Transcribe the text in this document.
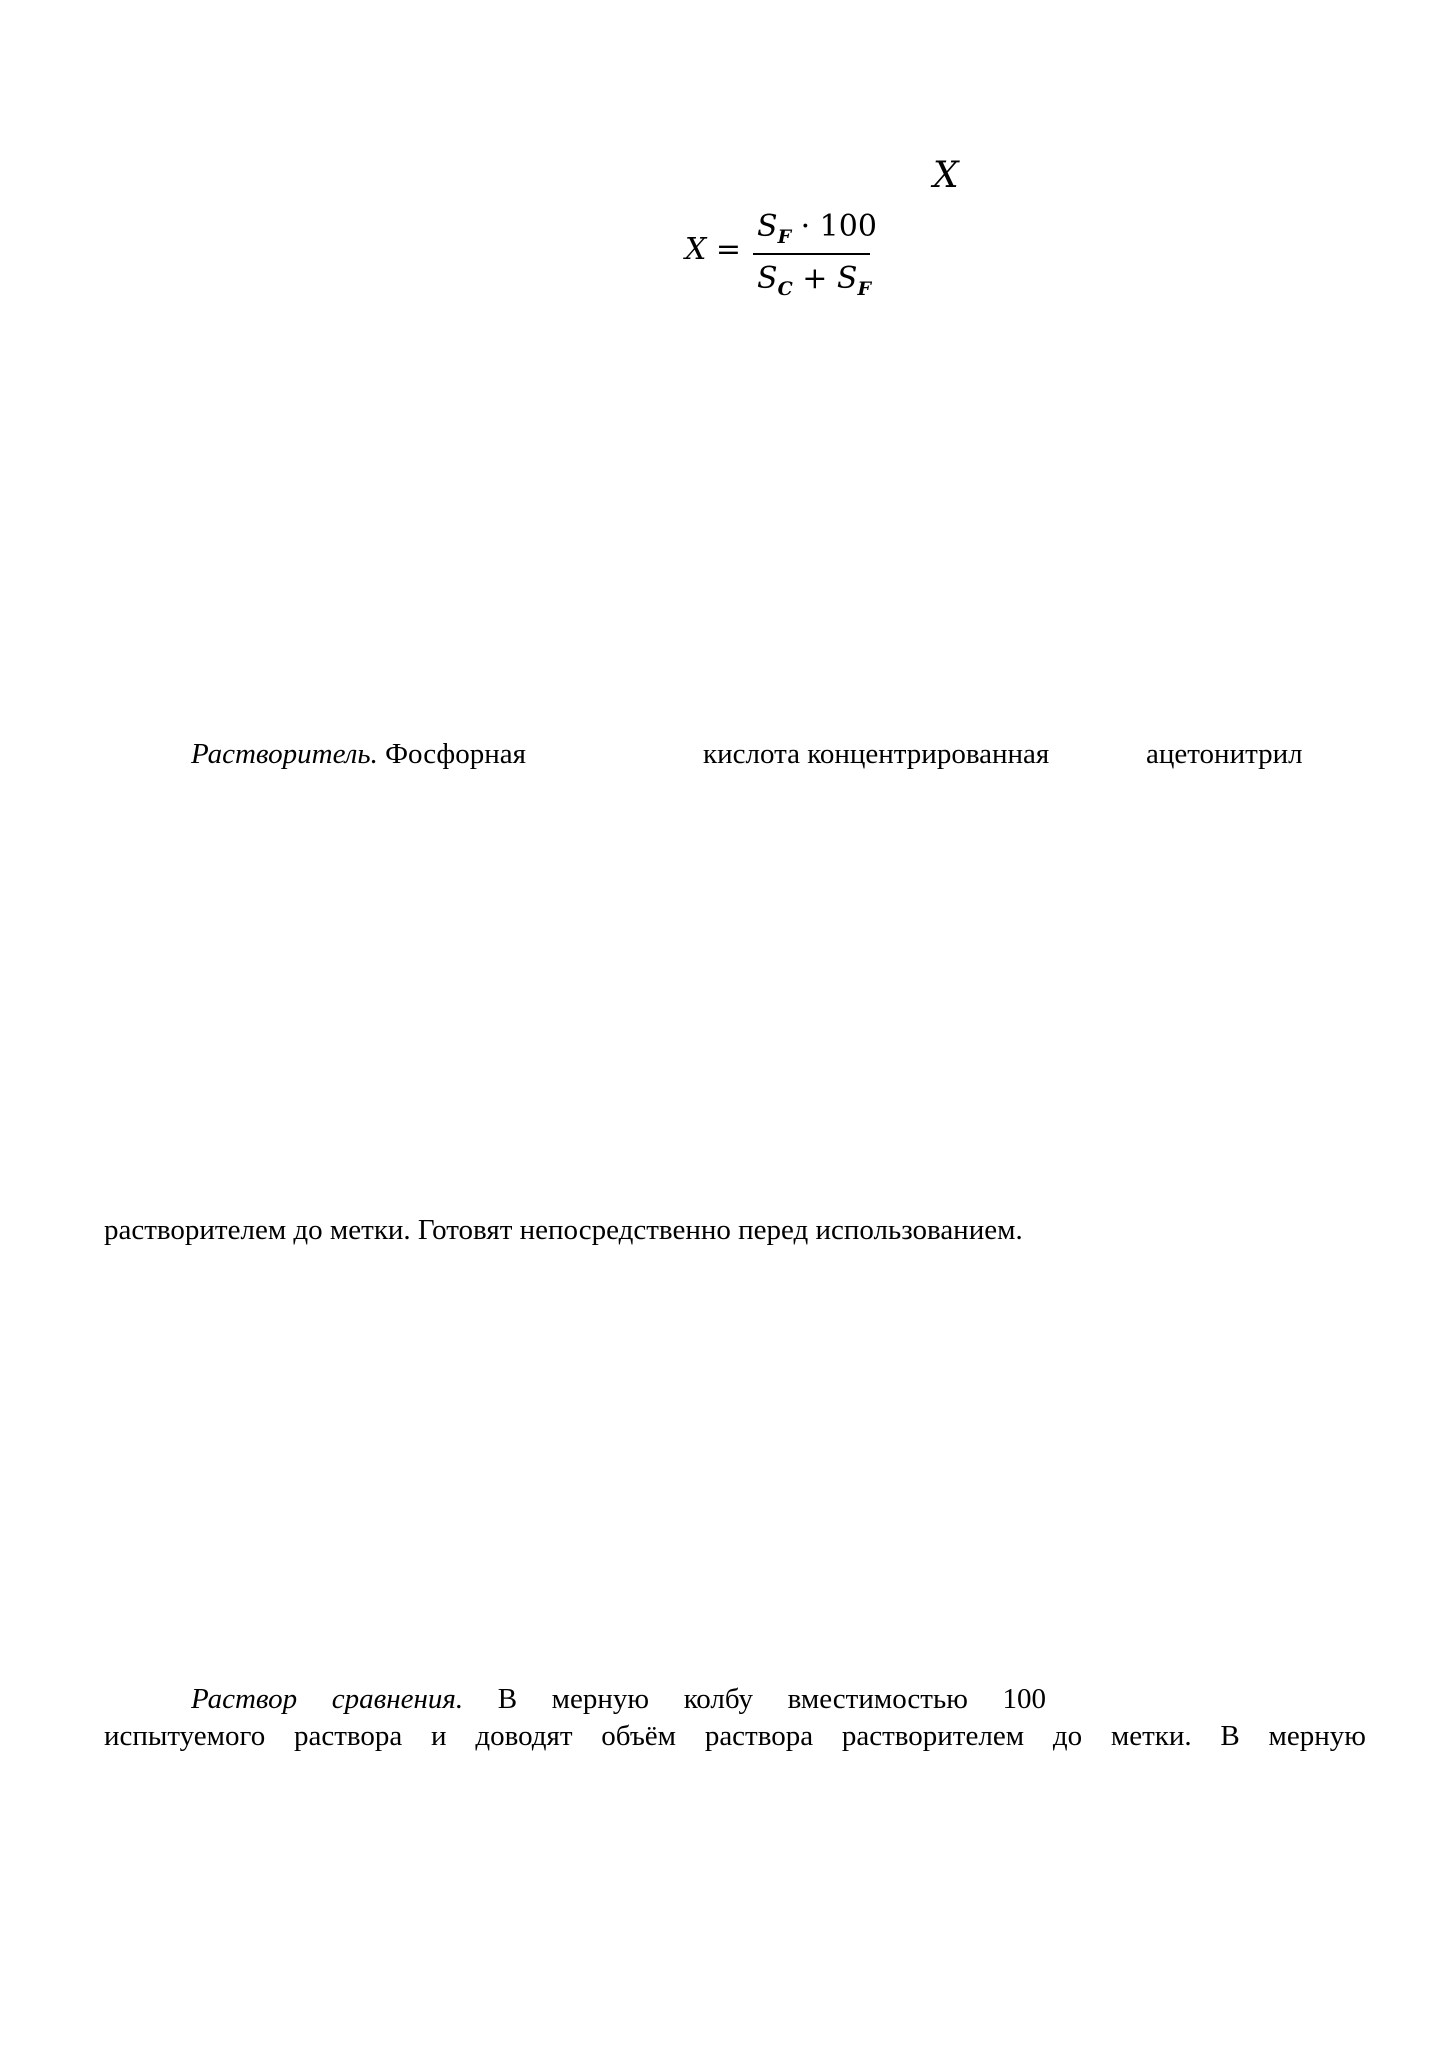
X
X =
$S_F \cdot 100$
$S_C + S_F$
Растворитель. Фосфорная	кислота концентрированная	ацетонитрил
растворителем до метки. Готовят непосредственно перед использованием.
Раствор сравнения. В мерную колбу вместимостью 100
испытуемого раствора и доводят объём раствора растворителем до метки. В мерную
